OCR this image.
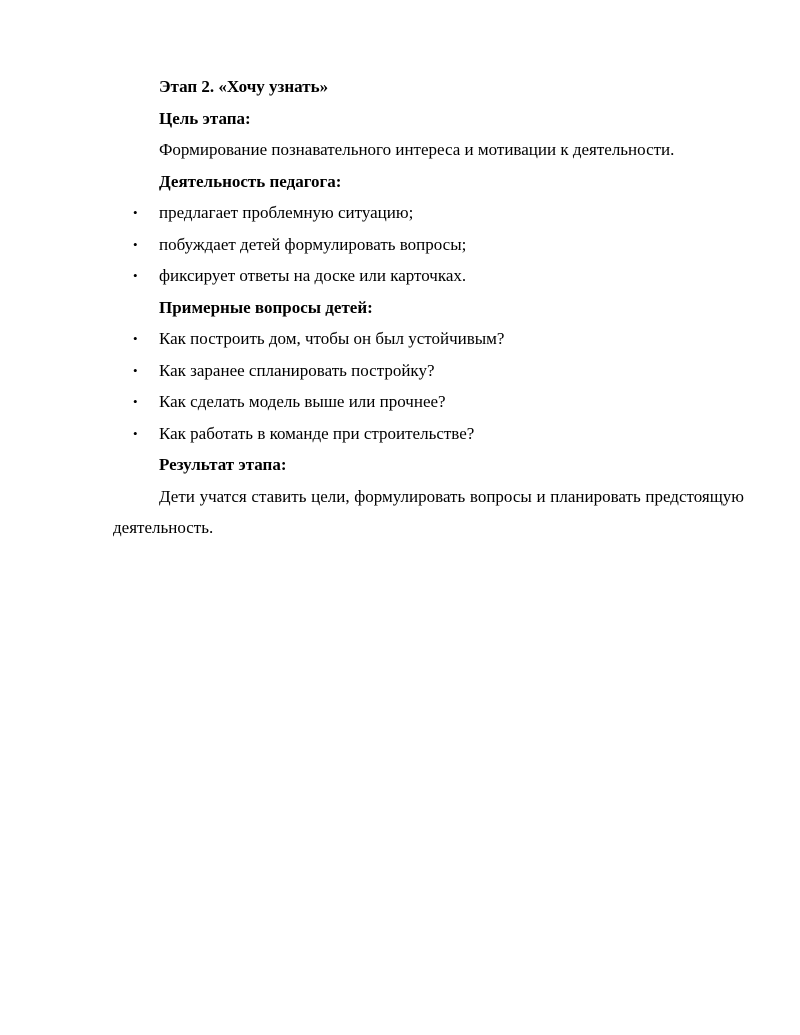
Этап 2. «Хочу узнать»

Цель этапа:

Формирование познавательного интереса и мотивации к деятельности.

Деятельность педагога:

• предлагает проблемную ситуацию;
• побуждает детей формулировать вопросы;
• фиксирует ответы на доске или карточках.

Примерные вопросы детей:

• Как построить дом, чтобы он был устойчивым?
• Как заранее спланировать постройку?
• Как сделать модель выше или прочнее?
• Как работать в команде при строительстве?

Результат этапа:

Дети учатся ставить цели, формулировать вопросы и планировать предстоящую деятельность.
